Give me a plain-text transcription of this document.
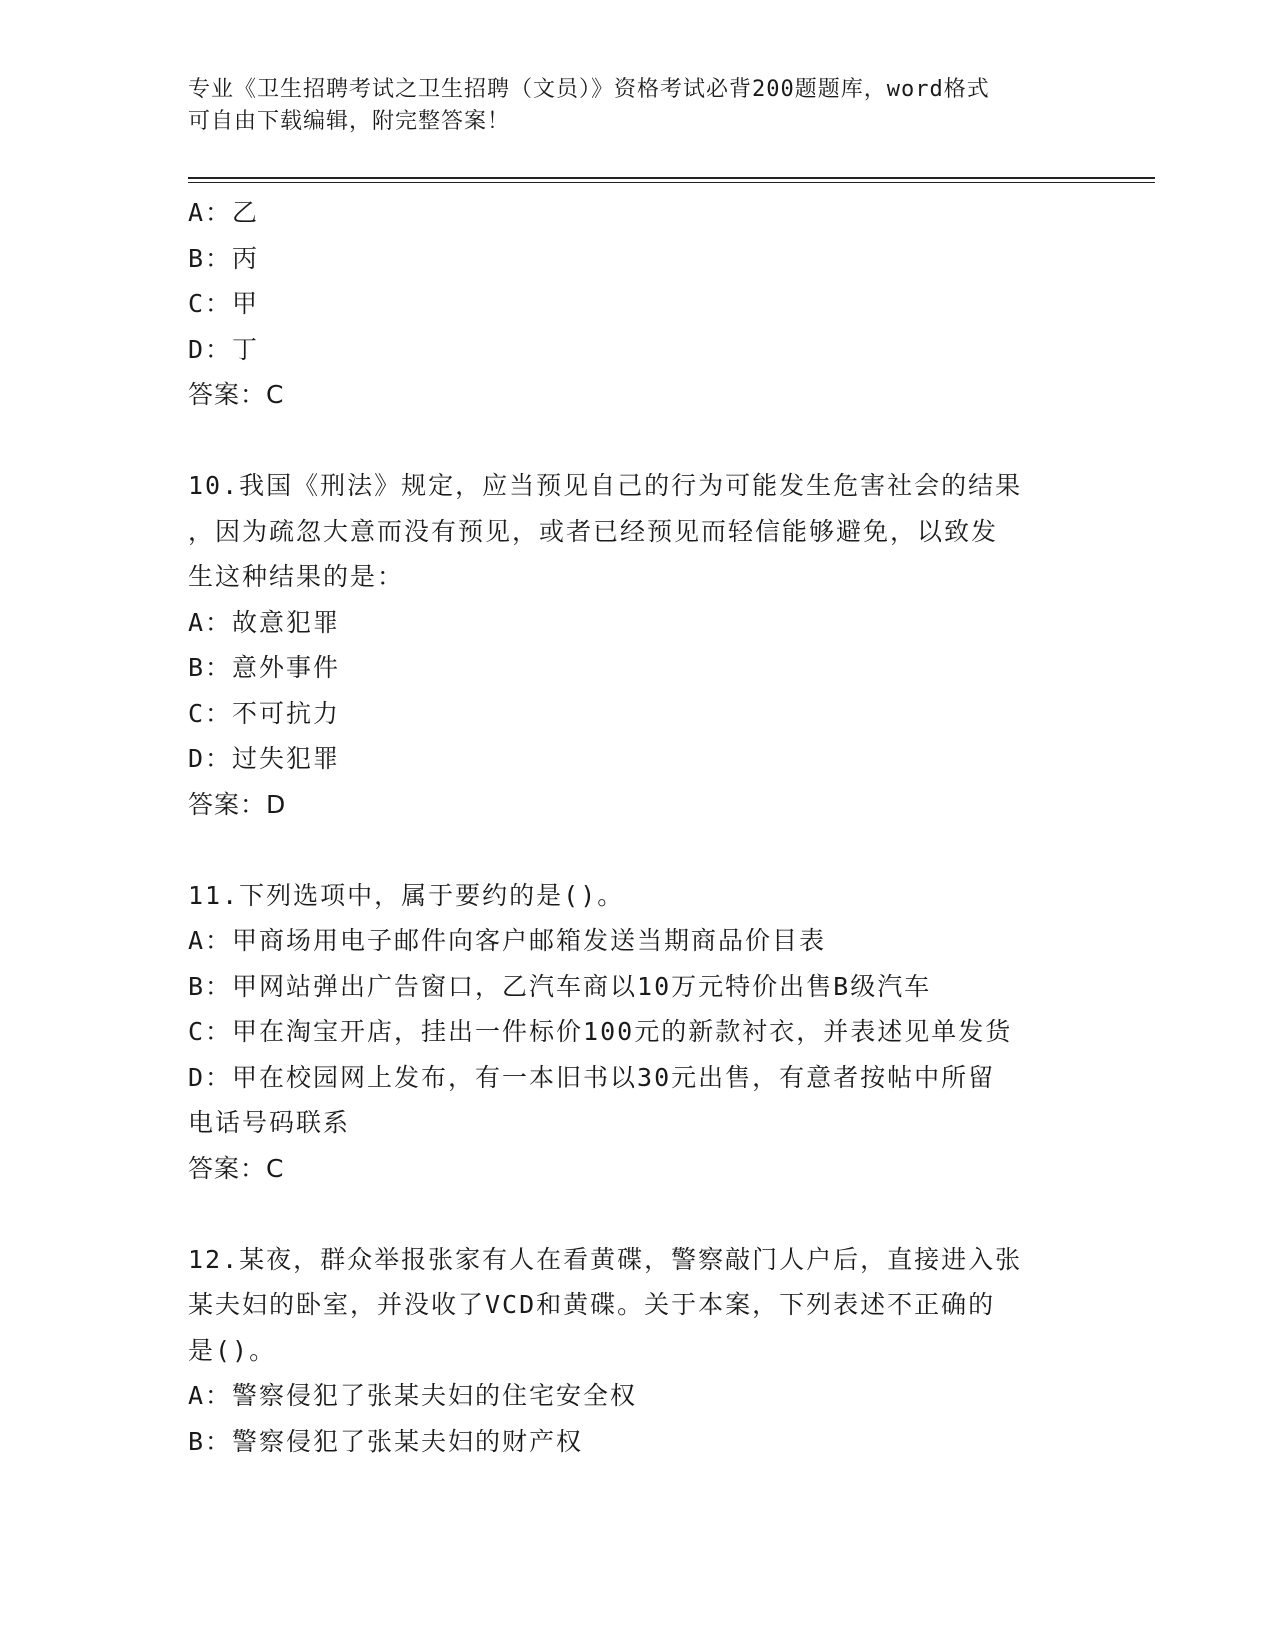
专业《卫生招聘考试之卫生招聘（文员）》资格考试必背200题题库，word格式
可自由下载编辑，附完整答案！
A：乙
B：丙
C：甲
D：丁
答案：C
10.我国《刑法》规定，应当预见自己的行为可能发生危害社会的结果
，因为疏忽大意而没有预见，或者已经预见而轻信能够避免，以致发
生这种结果的是：
A：故意犯罪
B：意外事件
C：不可抗力
D：过失犯罪
答案：D
11.下列选项中，属于要约的是()。
A：甲商场用电子邮件向客户邮箱发送当期商品价目表
B：甲网站弹出广告窗口，乙汽车商以10万元特价出售B级汽车
C：甲在淘宝开店，挂出一件标价100元的新款衬衣，并表述见单发货
D：甲在校园网上发布，有一本旧书以30元出售，有意者按帖中所留
电话号码联系
答案：C
12.某夜，群众举报张家有人在看黄碟，警察敲门人户后，直接进入张
某夫妇的卧室，并没收了VCD和黄碟。关于本案，下列表述不正确的
是()。
A：警察侵犯了张某夫妇的住宅安全权
B：警察侵犯了张某夫妇的财产权
